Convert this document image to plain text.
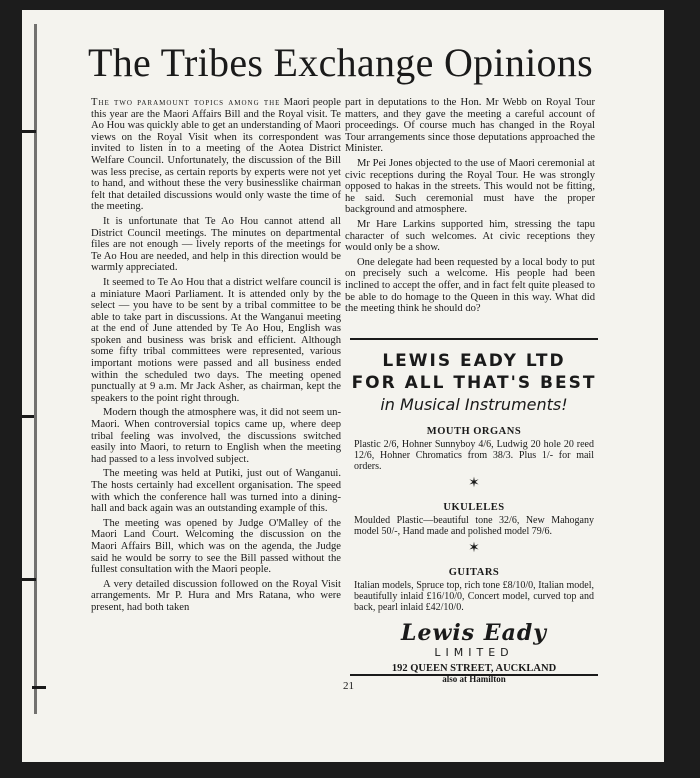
The Tribes Exchange Opinions

The two paramount topics among the Maori people this year are the Maori Affairs Bill and the Royal visit. Te Ao Hou was quickly able to get an understanding of Maori views on the Royal Visit when its correspondent was invited to listen in to a meeting of the Aotea District Welfare Council. Unfortunately, the discussion of the Bill was less precise, as certain reports by experts were not yet to hand, and without these the very businesslike chairman felt that detailed discussions would only waste the time of the meeting.

It is unfortunate that Te Ao Hou cannot attend all District Council meetings. The minutes on departmental files are not enough — lively reports of the meetings for Te Ao Hou are needed, and help in this direction would be warmly appreciated.

It seemed to Te Ao Hou that a district welfare council is a miniature Maori Parliament. It is attended only by the select — you have to be sent by a tribal committee to be able to take part in discussions. At the Wanganui meeting at the end of June attended by Te Ao Hou, English was spoken and business was brisk and efficient. Although some fifty tribal committees were represented, various important motions were passed and all business ended within the scheduled two days. The meeting opened punctually at 9 a.m. Mr Jack Asher, as chairman, kept the speakers to the point right through.

Modern though the atmosphere was, it did not seem un-Maori. When controversial topics came up, where deep tribal feeling was involved, the discussions switched easily into Maori, to return to English when the meeting had passed to a less involved subject.

The meeting was held at Putiki, just out of Wanganui. The hosts certainly had excellent organisation. The speed with which the conference hall was turned into a dining-hall and back again was an outstanding example of this.

The meeting was opened by Judge O'Malley of the Maori Land Court. Welcoming the discussion on the Maori Affairs Bill, which was on the agenda, the Judge said he would be sorry to see the Bill passed without the fullest consultation with the Maori people.

A very detailed discussion followed on the Royal Visit arrangements. Mr P. Hura and Mrs Ratana, who were present, had both taken

part in deputations to the Hon. Mr Webb on Royal Tour matters, and they gave the meeting a careful account of proceedings. Of course much has changed in the Royal Tour arrangements since those deputations approached the Minister.

Mr Pei Jones objected to the use of Maori ceremonial at civic receptions during the Royal Tour. He was strongly opposed to hakas in the streets. This would not be fitting, he said. Such ceremonial must have the proper background and atmosphere.

Mr Hare Larkins supported him, stressing the tapu character of such welcomes. At civic receptions they would only be a show.

One delegate had been requested by a local body to put on precisely such a welcome. His people had been inclined to accept the offer, and in fact felt quite pleased to be able to do homage to the Queen in this way. What did the meeting think he should do?

LEWIS EADY LTD
FOR ALL THAT'S BEST
in Musical Instruments!
MOUTH ORGANS
Plastic 2/6, Hohner Sunnyboy 4/6, Ludwig 20 hole 20 reed 12/6, Hohner Chromatics from 38/3. Plus 1/- for mail orders.
✶
UKULELES
Moulded Plastic—beautiful tone 32/6, New Mahogany model 50/-, Hand made and polished model 79/6.
✶
GUITARS
Italian models, Spruce top, rich tone £8/10/0, Italian model, beautifully inlaid £16/10/0, Concert model, curved top and back, pearl inlaid £42/10/0.
Lewis Eady
LIMITED
192 QUEEN STREET, AUCKLAND
also at Hamilton
21
